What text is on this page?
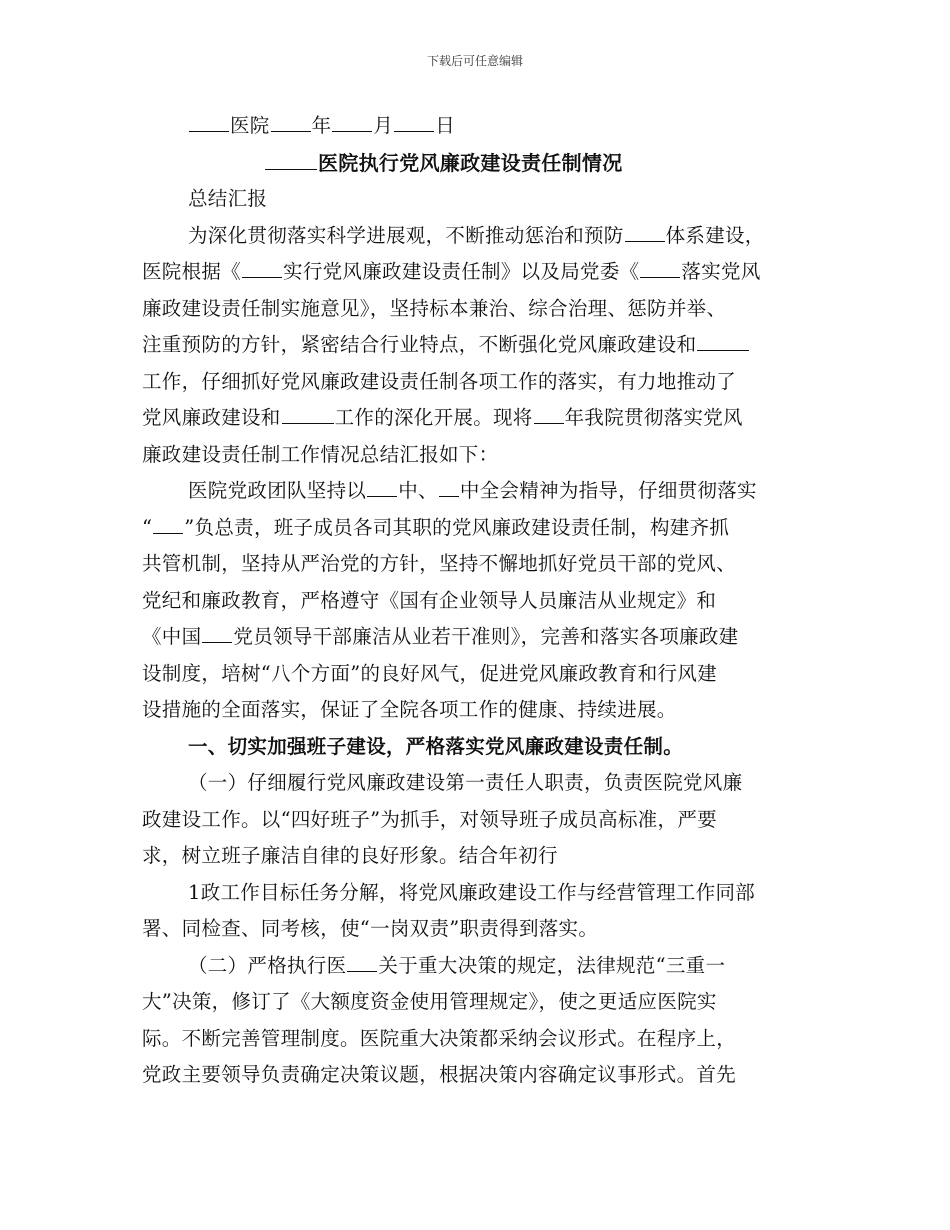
下载后可任意编辑
医院 年 月 日
医院执行党风廉政建设责任制情况
总结汇报
为深化贯彻落实科学进展观，不断推动惩治和预防 体系建设，
医院根据《 实行党风廉政建设责任制》以及局党委《 落实党风
廉政建设责任制实施意见》，坚持标本兼治、综合治理、惩防并举、
注重预防的方针，紧密结合行业特点，不断强化党风廉政建设和
工作，仔细抓好党风廉政建设责任制各项工作的落实，有力地推动了
党风廉政建设和	工作的深化开展。现将 年我院贯彻落实党风
廉政建设责任制工作情况总结汇报如下：
医院党政团队坚持以 中、 中全会精神为指导，仔细贯彻落实
“ ”负总责，班子成员各司其职的党风廉政建设责任制，构建齐抓
共管机制，坚持从严治党的方针，坚持不懈地抓好党员干部的党风、
党纪和廉政教育，严格遵守《国有企业领导人员廉洁从业规定》和
《中国 党员领导干部廉洁从业若干准则》，完善和落实各项廉政建
设制度，培树“八个方面”的良好风气，促进党风廉政教育和行风建
设措施的全面落实，保证了全院各项工作的健康、持续进展。
一、切实加强班子建设，严格落实党风廉政建设责任制。
（一）仔细履行党风廉政建设第一责任人职责，负责医院党风廉
政建设工作。以“四好班子”为抓手，对领导班子成员高标准，严要
求，树立班子廉洁自律的良好形象。结合年初行
1政工作目标任务分解，将党风廉政建设工作与经营管理工作同部
署、同检查、同考核，使“一岗双责”职责得到落实。
（二）严格执行医 关于重大决策的规定，法律规范“三重一
大”决策，修订了《大额度资金使用管理规定》，使之更适应医院实
际。不断完善管理制度。医院重大决策都采纳会议形式。在程序上，
党政主要领导负责确定决策议题，根据决策内容确定议事形式。首先
